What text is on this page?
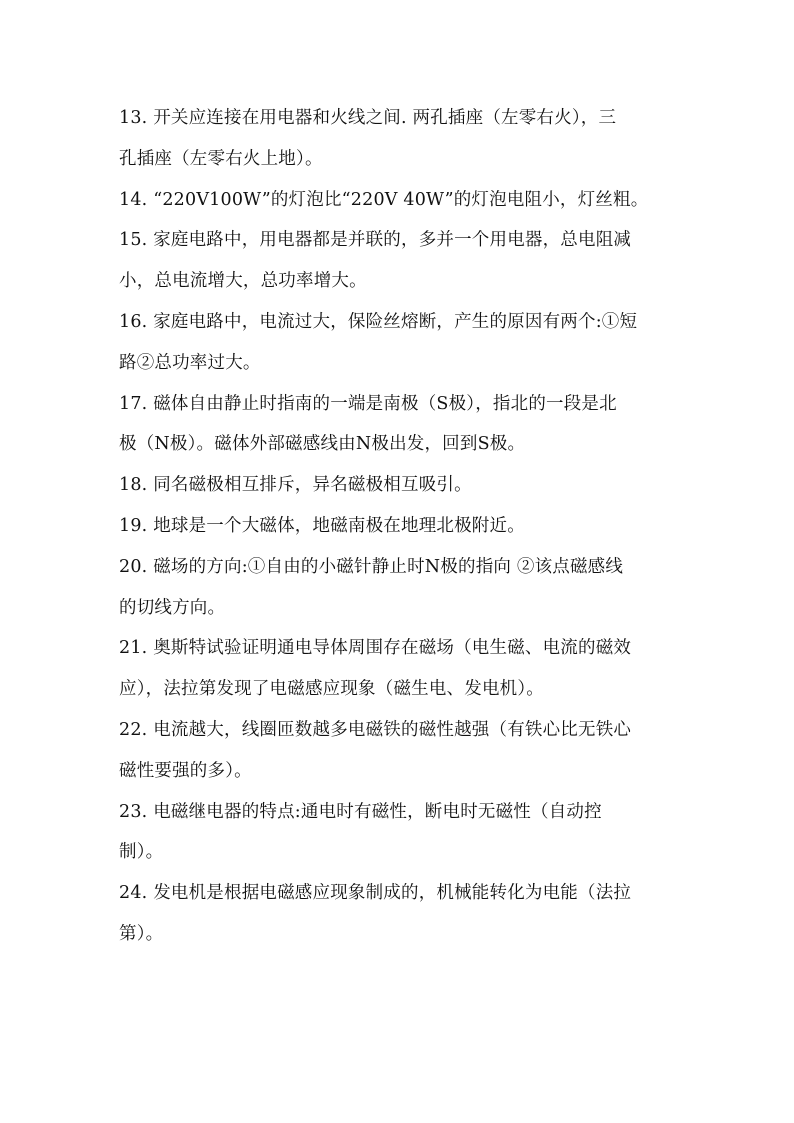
13. 开关应连接在用电器和火线之间. 两孔插座（左零右火），三
孔插座（左零右火上地）。
14. “220V100W”的灯泡比“220V 40W”的灯泡电阻小，灯丝粗。
15. 家庭电路中，用电器都是并联的，多并一个用电器，总电阻减
小，总电流增大，总功率增大。
16. 家庭电路中，电流过大，保险丝熔断，产生的原因有两个:①短
路②总功率过大。
17. 磁体自由静止时指南的一端是南极（S极），指北的一段是北
极（N极）。磁体外部磁感线由N极出发，回到S极。
18. 同名磁极相互排斥，异名磁极相互吸引。
19. 地球是一个大磁体，地磁南极在地理北极附近。
20. 磁场的方向:①自由的小磁针静止时N极的指向 ②该点磁感线
的切线方向。
21. 奥斯特试验证明通电导体周围存在磁场（电生磁、电流的磁效
应），法拉第发现了电磁感应现象（磁生电、发电机）。
22. 电流越大，线圈匝数越多电磁铁的磁性越强（有铁心比无铁心
磁性要强的多）。
23. 电磁继电器的特点:通电时有磁性，断电时无磁性（自动控
制）。
24. 发电机是根据电磁感应现象制成的，机械能转化为电能（法拉
第）。
